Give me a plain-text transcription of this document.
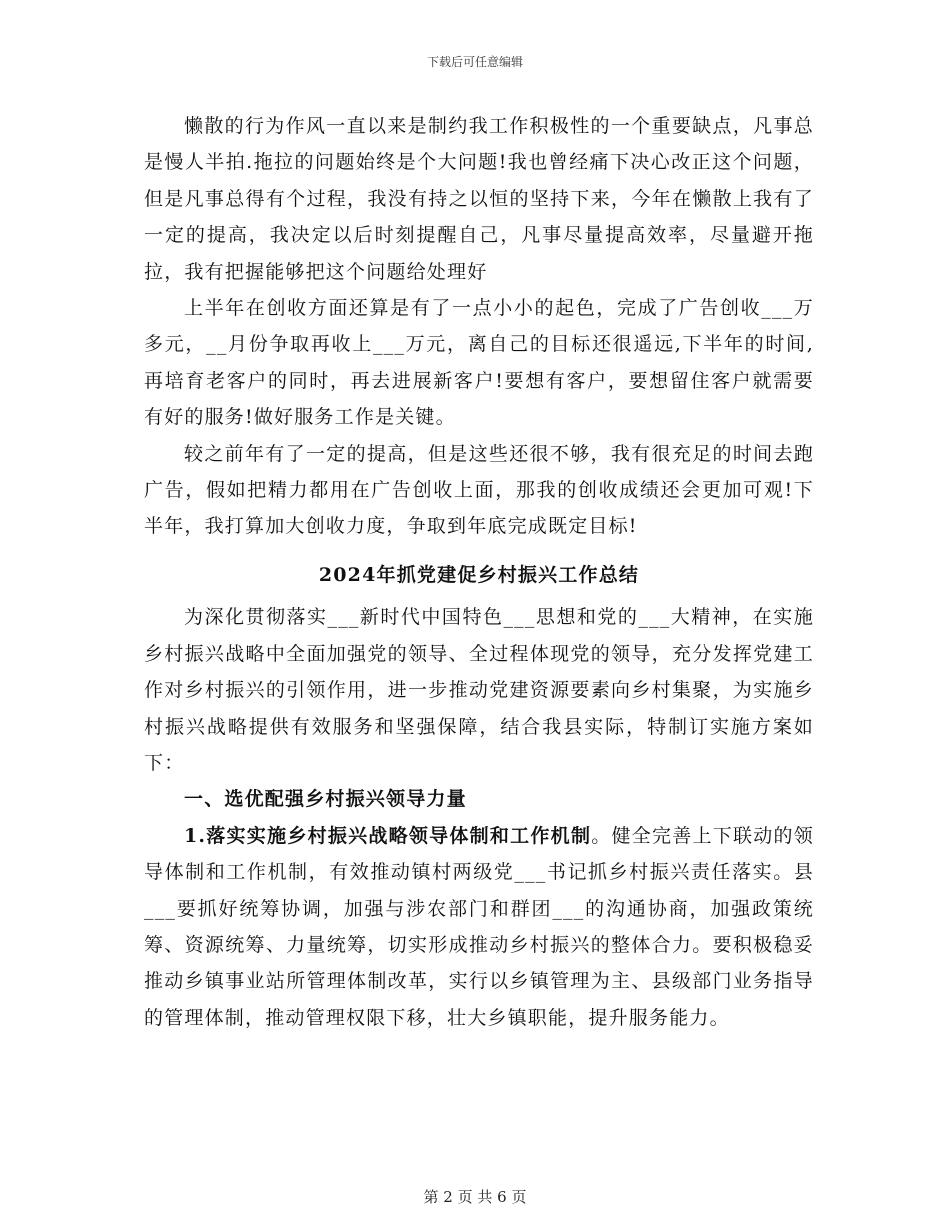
下载后可任意编辑

懒散的行为作风一直以来是制约我工作积极性的一个重要缺点，凡事总是慢人半拍.拖拉的问题始终是个大问题!我也曾经痛下决心改正这个问题，但是凡事总得有个过程，我没有持之以恒的坚持下来，今年在懒散上我有了一定的提高，我决定以后时刻提醒自己，凡事尽量提高效率，尽量避开拖拉，我有把握能够把这个问题给处理好

上半年在创收方面还算是有了一点小小的起色，完成了广告创收___万多元，__月份争取再收上___万元，离自己的目标还很遥远,下半年的时间,再培育老客户的同时，再去进展新客户!要想有客户，要想留住客户就需要有好的服务!做好服务工作是关键。

较之前年有了一定的提高，但是这些还很不够，我有很充足的时间去跑广告，假如把精力都用在广告创收上面，那我的创收成绩还会更加可观!下半年，我打算加大创收力度，争取到年底完成既定目标!

2024年抓党建促乡村振兴工作总结

为深化贯彻落实___新时代中国特色___思想和党的___大精神，在实施乡村振兴战略中全面加强党的领导、全过程体现党的领导，充分发挥党建工作对乡村振兴的引领作用，进一步推动党建资源要素向乡村集聚，为实施乡村振兴战略提供有效服务和坚强保障，结合我县实际，特制订实施方案如下：

一、选优配强乡村振兴领导力量

1.落实实施乡村振兴战略领导体制和工作机制。健全完善上下联动的领导体制和工作机制，有效推动镇村两级党___书记抓乡村振兴责任落实。县___要抓好统筹协调，加强与涉农部门和群团___的沟通协商，加强政策统筹、资源统筹、力量统筹，切实形成推动乡村振兴的整体合力。要积极稳妥推动乡镇事业站所管理体制改革，实行以乡镇管理为主、县级部门业务指导的管理体制，推动管理权限下移，壮大乡镇职能，提升服务能力。

第 2 页 共 6 页
